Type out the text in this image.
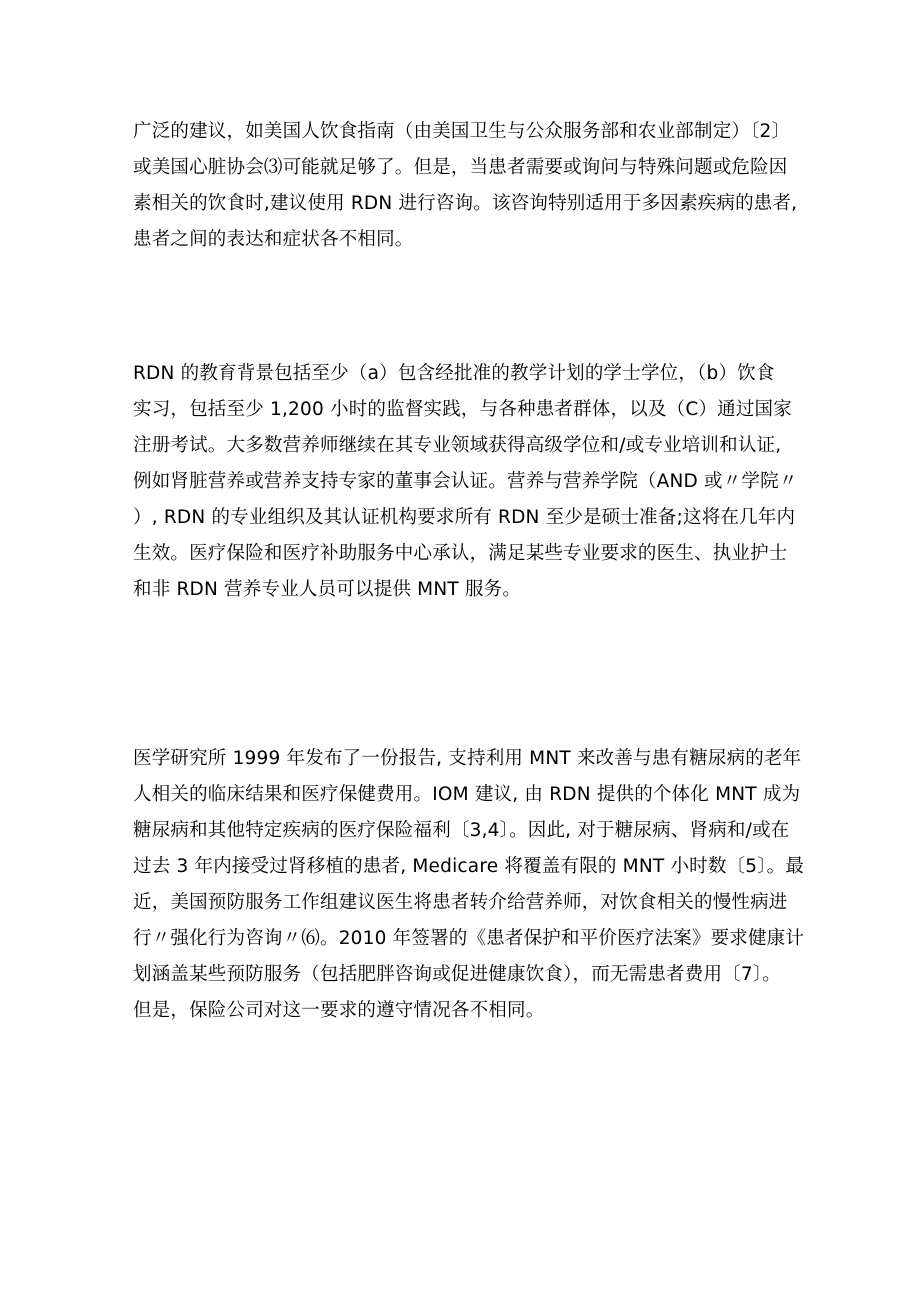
广泛的建议，如美国人饮食指南（由美国卫生与公众服务部和农业部制定）〔2〕
或美国心脏协会⑶可能就足够了。但是，当患者需要或询问与特殊问题或危险因
素相关的饮食时,建议使用 RDN 进行咨询。该咨询特别适用于多因素疾病的患者,
患者之间的表达和症状各不相同。

RDN 的教育背景包括至少（a）包含经批准的教学计划的学士学位，（b）饮食
实习，包括至少 1,200 小时的监督实践，与各种患者群体，以及（C）通过国家
注册考试。大多数营养师继续在其专业领域获得高级学位和/或专业培训和认证,
例如肾脏营养或营养支持专家的董事会认证。营养与营养学院（AND 或〃学院〃
）, RDN 的专业组织及其认证机构要求所有 RDN 至少是硕士准备;这将在几年内
生效。医疗保险和医疗补助服务中心承认，满足某些专业要求的医生、执业护士
和非 RDN 营养专业人员可以提供 MNT 服务。

医学研究所 1999 年发布了一份报告, 支持利用 MNT 来改善与患有糖尿病的老年
人相关的临床结果和医疗保健费用。IOM 建议, 由 RDN 提供的个体化 MNT 成为
糖尿病和其他特定疾病的医疗保险福利〔3,4〕。因此, 对于糖尿病、肾病和/或在
过去 3 年内接受过肾移植的患者, Medicare 将覆盖有限的 MNT 小时数〔5〕。最
近，美国预防服务工作组建议医生将患者转介给营养师，对饮食相关的慢性病进
行〃强化行为咨询〃⑹。2010 年签署的《患者保护和平价医疗法案》要求健康计
划涵盖某些预防服务（包括肥胖咨询或促进健康饮食），而无需患者费用〔7〕。
但是，保险公司对这一要求的遵守情况各不相同。
